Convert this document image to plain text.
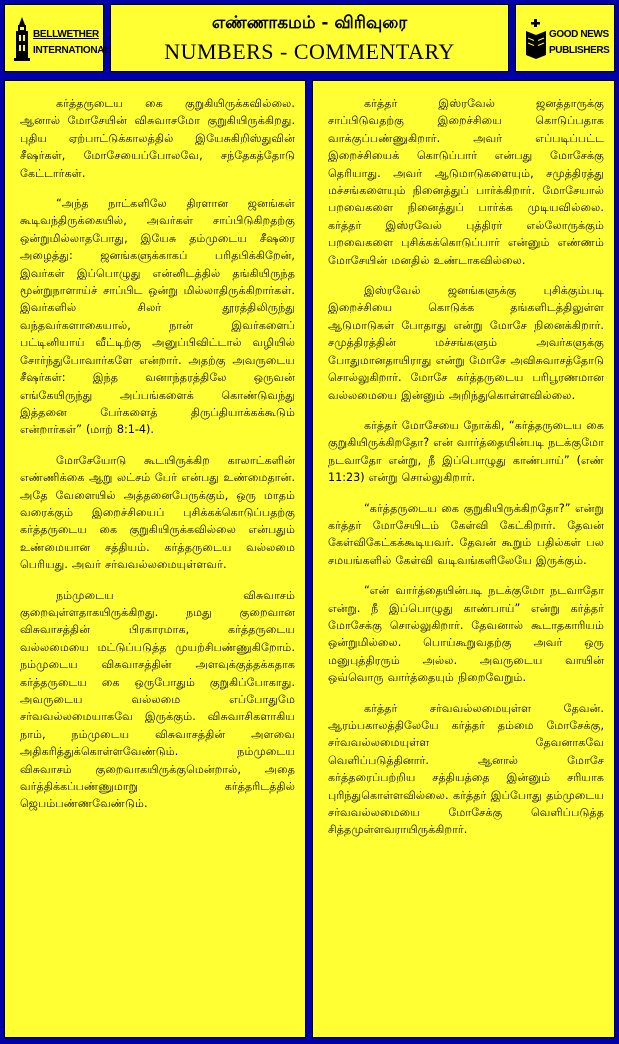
BELLWETHER
INTERNATIONAL
எண்ணாகமம் - விரிவுரை
NUMBERS - COMMENTARY
GOOD NEWS
PUBLISHERS

கர்த்தருடைய கை குறுகியிருக்கவில்லை. ஆனால் மோசேயின் விசுவாசமோ குறுகியிருக்கிறது. புதிய ஏற்பாட்டுக்காலத்தில் இயேசுகிறிஸ்துவின் சீஷர்கள், மோசேயைப்போலவே, சந்தேகத்தோடு கேட்டார்கள்.

“அந்த நாட்களிலே திரளான ஜனங்கள் கூடிவந்திருக்கையில், அவர்கள் சாப்பிடுகிறதற்கு ஒன்றுமில்லாதபோது, இயேசு தம்முடைய சீஷரை அழைத்து: ஜனங்களுக்காகப் பரிதபிக்கிறேன், இவர்கள் இப்பொழுது என்னிடத்தில் தங்கியிருந்த மூன்றுநாளாய்ச் சாப்பிட ஒன்று மில்லாதிருக்கிறார்கள். இவர்களில் சிலர் தூரத்திலிருந்து வந்தவர்களாகையால், நான் இவர்களைப் பட்டினியாய் வீட்டிற்கு அனுப்பிவிட்டால் வழியில் சோர்ந்துபோவார்களே என்றார். அதற்கு அவருடைய சீஷர்கள்: இந்த வனாந்தரத்திலே ஒருவன் எங்கேயிருந்து அப்பங்களைக் கொண்டுவந்து இத்தனை பேர்களைத் திருப்தியாக்கக்கூடும் என்றார்கள்” (மாற் 8:1-4).

மோசேயோடு கூடயிருக்கிற காலாட்களின் எண்ணிக்கை ஆறு லட்சம் பேர் என்பது உண்மைதான். அதே வேளையில் அத்தனைபேருக்கும், ஒரு மாதம் வரைக்கும் இறைச்சியைப் புசிக்கக்கொடுப்பதற்கு கர்த்தருடைய கை குறுகியிருக்கவில்லை என்பதும் உண்மையான சத்தியம். கர்த்தருடைய வல்லமை பெரியது. அவர் சர்வவல்லமையுள்ளவர்.

நம்முடைய விசுவாசம் குறைவுள்ளதாகயிருக்கிறது. நமது குறைவான விசுவாசத்தின் பிரகாரமாக, கர்த்தருடைய வல்லமையை மட்டுப்படுத்த முயற்சிபண்ணுகிறோம். நம்முடைய விசுவாசத்தின் அளவுக்குத்தக்கதாக கர்த்தருடைய கை ஒருபோதும் குறுகிப்போகாது. அவருடைய வல்லமை எப்போதுமே சர்வவல்லமையாகவே இருக்கும். விசுவாசிகளாகிய நாம், நம்முடைய விசுவாசத்தின் அளவை அதிகரித்துக்கொள்ளவேண்டும். நம்முடைய விசுவாசம் குறைவாகயிருக்குமென்றால், அதை வர்த்திக்கப்பண்ணுமாறு கர்த்தரிடத்தில் ஜெபம்பண்ணவேண்டும்.

கர்த்தர் இஸ்ரவேல் ஜனத்தாருக்கு சாப்பிடுவதற்கு இறைச்சியை கொடுப்பதாக வாக்குப்பண்ணுகிறார். அவர் எப்படிப்பட்ட இறைச்சியைக் கொடுப்பார் என்பது மோசேக்கு தெரியாது. அவர் ஆடுமாடுகளையும், சமுத்திரத்து மச்சங்களையும் நினைத்துப் பார்க்கிறார். மோசேயால் பறவைகளை நினைத்துப் பார்க்க முடியவில்லை. கர்த்தர் இஸ்ரவேல் புத்திரர் எல்லோருக்கும் பறவைகளை புசிக்கக்கொடுப்பார் என்னும் எண்ணம் மோசேயின் மனதில் உண்டாகவில்லை.

இஸ்ரவேல் ஜனங்களுக்கு புசிக்கும்படி இறைச்சியை கொடுக்க தங்களிடத்திலுள்ள ஆடுமாடுகள் போதாது என்று மோசே நினைக்கிறார். சமுத்திரத்தின் மச்சங்களும் அவர்களுக்கு போதுமானதாயிராது என்று மோசே அவிசுவாசத்தோடு சொல்லுகிறார். மோசே கர்த்தருடைய பரிபூரணமான வல்லமையை இன்னும் அறிந்துகொள்ளவில்லை.

கர்த்தர் மோசேயை நோக்கி, “கர்த்தருடைய கை குறுகியிருக்கிறதோ? என் வார்த்தையின்படி நடக்குமோ நடவாதோ என்று, நீ இப்பொழுது காண்பாய்” (எண் 11:23) என்று சொல்லுகிறார்.

“கர்த்தருடைய கை குறுகியிருக்கிறதோ?” என்று கர்த்தர் மோசேயிடம் கேள்வி கேட்கிறார். தேவன் கேள்விகேட்கக்கூடியவர். தேவன் கூறும் பதில்கள் பல சமயங்களில் கேள்வி வடிவங்களிலேயே இருக்கும்.

“என் வார்த்தையின்படி நடக்குமோ நடவாதோ என்று. நீ இப்பொழுது காண்பாய்” என்று கர்த்தர் மோசேக்கு சொல்லுகிறார். தேவனால் கூடாதகாரியம் ஒன்றுமில்லை. பொய்கூறுவதற்கு அவர் ஒரு மனுபுத்திரரும் அல்ல. அவருடைய வாயின் ஒவ்வொரு வார்த்தையும் நிறைவேறும்.

கர்த்தர் சர்வவல்லமையுள்ள தேவன். ஆரம்பகாலத்திலேயே கர்த்தர் தம்மை மோசேக்கு, சர்வவல்லமையுள்ள தேவனாகவே வெளிப்படுத்தினார். ஆனால் மோசே கர்த்தரைப்பற்றிய சத்தியத்தை இன்னும் சரியாக புரிந்துகொள்ளவில்லை. கர்த்தர் இப்போது தம்முடைய சர்வவல்லமையை மோசேக்கு வெளிப்படுத்த சித்தமுள்ளவராயிருக்கிறார்.
